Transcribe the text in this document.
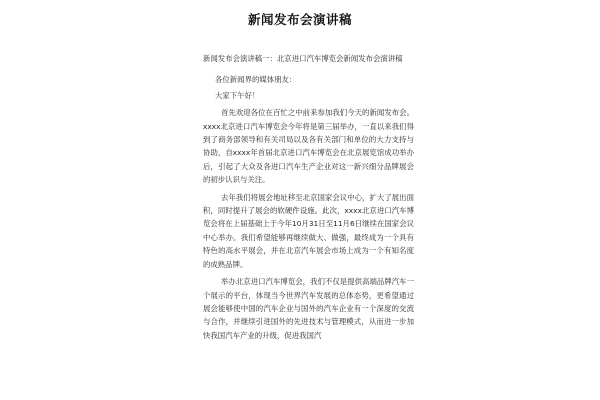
新闻发布会演讲稿

新闻发布会演讲稿一：北京进口汽车博览会新闻发布会演讲稿

各位新闻界的媒体朋友：

大家下午好！

首先欢迎各位在百忙之中前来参加我们今天的新闻发布会。xxxx北京进口汽车博览会今年将是第三届举办，一直以来我们得到了商务部领导和有关司局以及各有关部门和单位的大力支持与协助，自xxxx年首届北京进口汽车博览会在北京展览馆成功举办后，引起了大众及各进口汽车生产企业对这一新兴细分品牌展会的初步认识与关注。

去年我们将展会地址移至北京国家会议中心，扩大了展出面积，同时提升了展会的软硬件设施。此次，xxxx北京进口汽车博览会将在上届基础上于今年10月31日至11月6日继续在国家会议中心举办。我们希望能够再继续做大、做强，最终成为一个具有特色的高水平展会，并在北京汽车展会市场上成为一个有知名度的成熟品牌。

举办北京进口汽车博览会，我们不仅是提供高端品牌汽车一个展示的平台，体现当今世界汽车发展的总体态势，更希望通过展会能够使中国的汽车企业与国外的汽车企业有一个深度的交流与合作，并继续引进国外的先进技术与管理模式，从而进一步加快我国汽车产业的升级，促进我国汽
